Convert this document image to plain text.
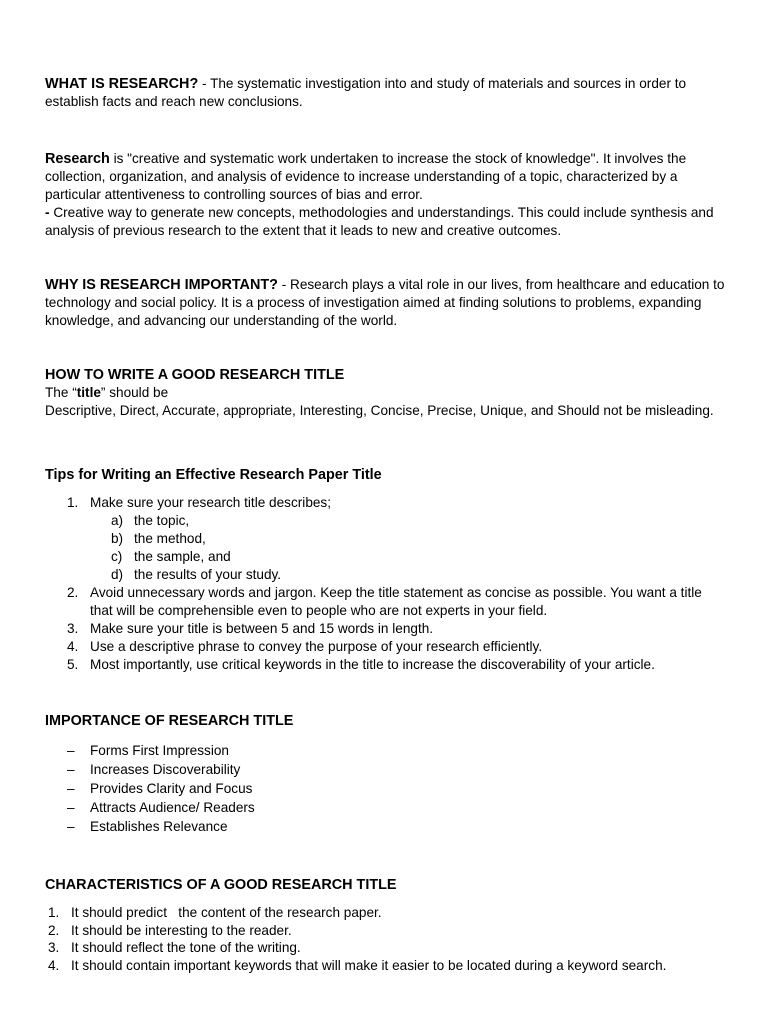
WHAT IS RESEARCH? - The systematic investigation into and study of materials and sources in order to establish facts and reach new conclusions.

Research is "creative and systematic work undertaken to increase the stock of knowledge". It involves the collection, organization, and analysis of evidence to increase understanding of a topic, characterized by a particular attentiveness to controlling sources of bias and error.
- Creative way to generate new concepts, methodologies and understandings. This could include synthesis and analysis of previous research to the extent that it leads to new and creative outcomes.

WHY IS RESEARCH IMPORTANT? - Research plays a vital role in our lives, from healthcare and education to technology and social policy. It is a process of investigation aimed at finding solutions to problems, expanding knowledge, and advancing our understanding of the world.

HOW TO WRITE A GOOD RESEARCH TITLE

The “title” should be
Descriptive, Direct, Accurate, appropriate, Interesting, Concise, Precise, Unique, and Should not be misleading.

Tips for Writing an Effective Research Paper Title
1. Make sure your research title describes;
a) the topic,
b) the method,
c) the sample, and
d) the results of your study.
2. Avoid unnecessary words and jargon. Keep the title statement as concise as possible. You want a title that will be comprehensible even to people who are not experts in your field.
3. Make sure your title is between 5 and 15 words in length.
4. Use a descriptive phrase to convey the purpose of your research efficiently.
5. Most importantly, use critical keywords in the title to increase the discoverability of your article.
IMPORTANCE OF RESEARCH TITLE
–	Forms First Impression
–	Increases Discoverability
–	Provides Clarity and Focus
–	Attracts Audience/ Readers
–	Establishes Relevance
CHARACTERISTICS OF A GOOD RESEARCH TITLE
1. It should predict   the content of the research paper.
2. It should be interesting to the reader.
3. It should reflect the tone of the writing.
4. It should contain important keywords that will make it easier to be located during a keyword search.
